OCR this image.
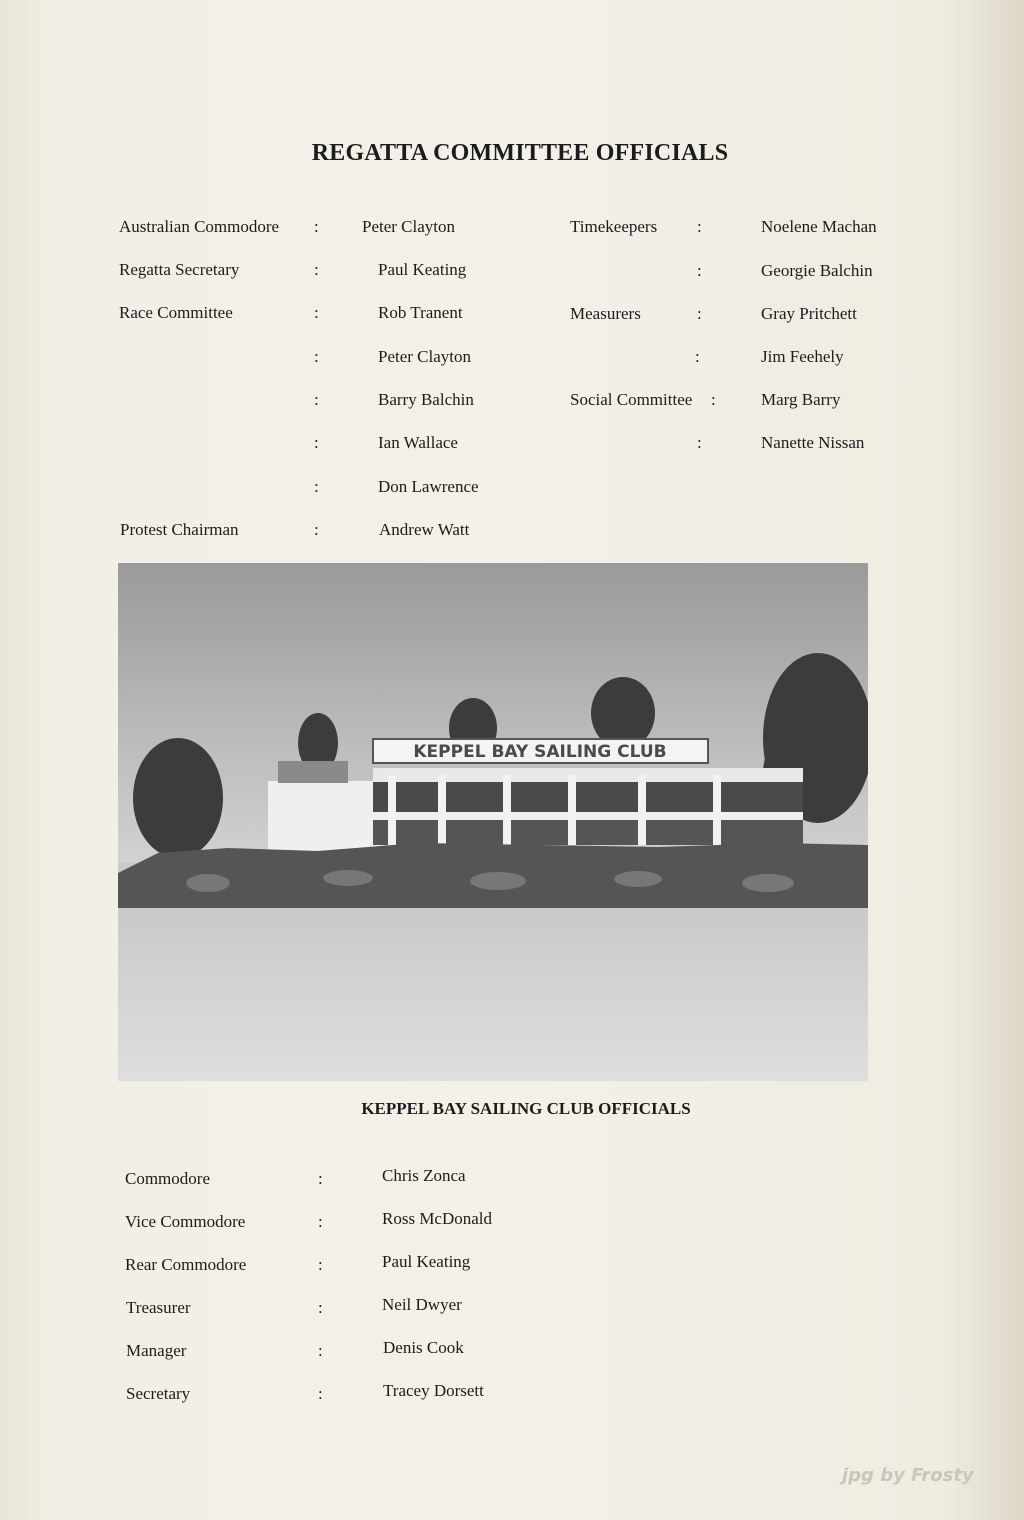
REGATTA COMMITTEE OFFICIALS
Australian Commodore :	Peter Clayton
Regatta Secretary	:	Paul Keating
Race Committee	:	Rob Tranent
:	Peter Clayton
:	Barry Balchin
:	Ian Wallace
:	Don Lawrence
Protest Chairman	:	Andrew Watt
Timekeepers :	Noelene Machan
:	Georgie Balchin
Measurers	:	Gray Pritchett
:	Jim Feehely
Social Committee :	Marg Barry
:	Nanette Nissan
KEPPEL BAY SAILING CLUB
KEPPEL BAY SAILING CLUB OFFICIALS
Commodore	:	Chris Zonca
Vice Commodore	:	Ross McDonald
Rear Commodore	:	Paul Keating
Treasurer	:	Neil Dwyer
Manager	:	Denis Cook
Secretary	:	Tracey Dorsett
jpg by Frosty
